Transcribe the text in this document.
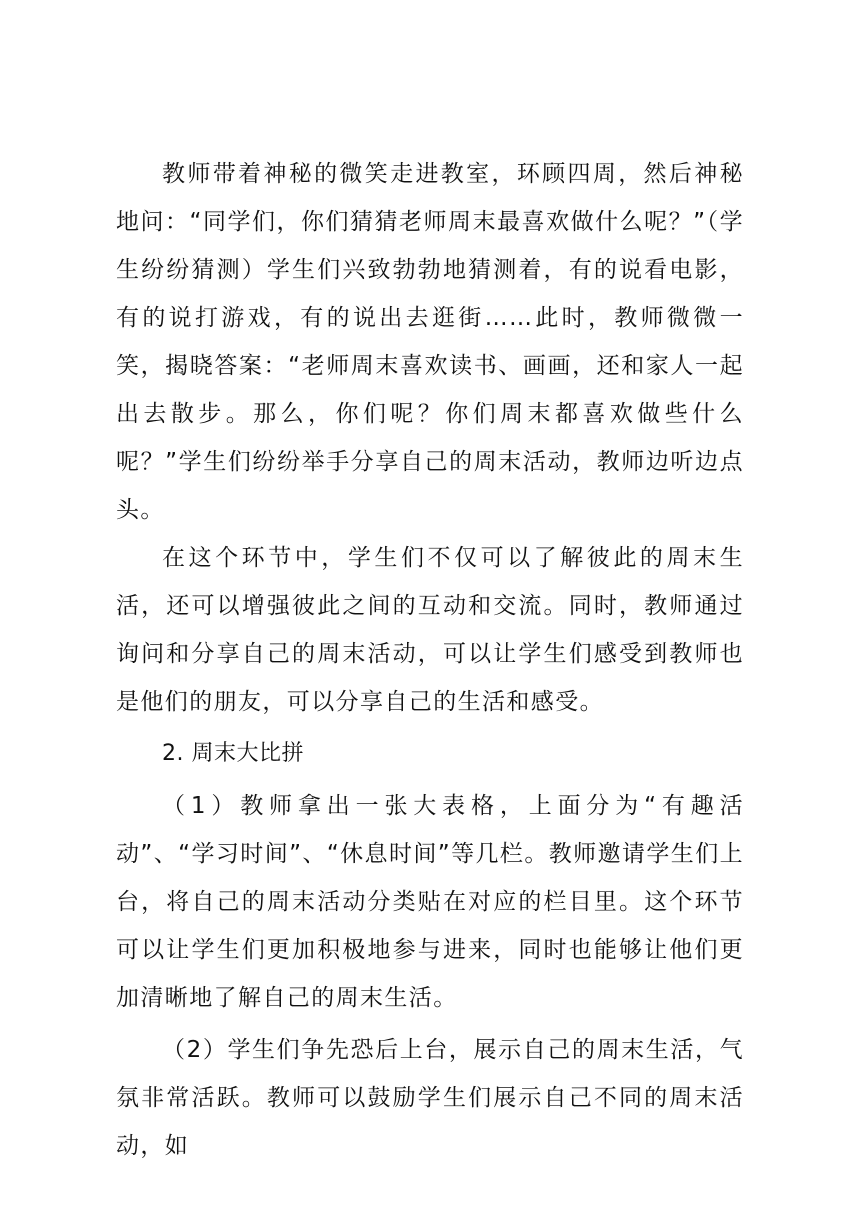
教师带着神秘的微笑走进教室，环顾四周，然后神秘地问：“同学们，你们猜猜老师周末最喜欢做什么呢？”（学生纷纷猜测）学生们兴致勃勃地猜测着，有的说看电影，有的说打游戏，有的说出去逛街……此时，教师微微一笑，揭晓答案：“老师周末喜欢读书、画画，还和家人一起出去散步。那么，你们呢？你们周末都喜欢做些什么呢？”学生们纷纷举手分享自己的周末活动，教师边听边点头。

在这个环节中，学生们不仅可以了解彼此的周末生活，还可以增强彼此之间的互动和交流。同时，教师通过询问和分享自己的周末活动，可以让学生们感受到教师也是他们的朋友，可以分享自己的生活和感受。

2. 周末大比拼

（1）教师拿出一张大表格，上面分为“有趣活动”、“学习时间”、“休息时间”等几栏。教师邀请学生们上台，将自己的周末活动分类贴在对应的栏目里。这个环节可以让学生们更加积极地参与进来，同时也能够让他们更加清晰地了解自己的周末生活。

（2）学生们争先恐后上台，展示自己的周末生活，气氛非常活跃。教师可以鼓励学生们展示自己不同的周末活动，如
